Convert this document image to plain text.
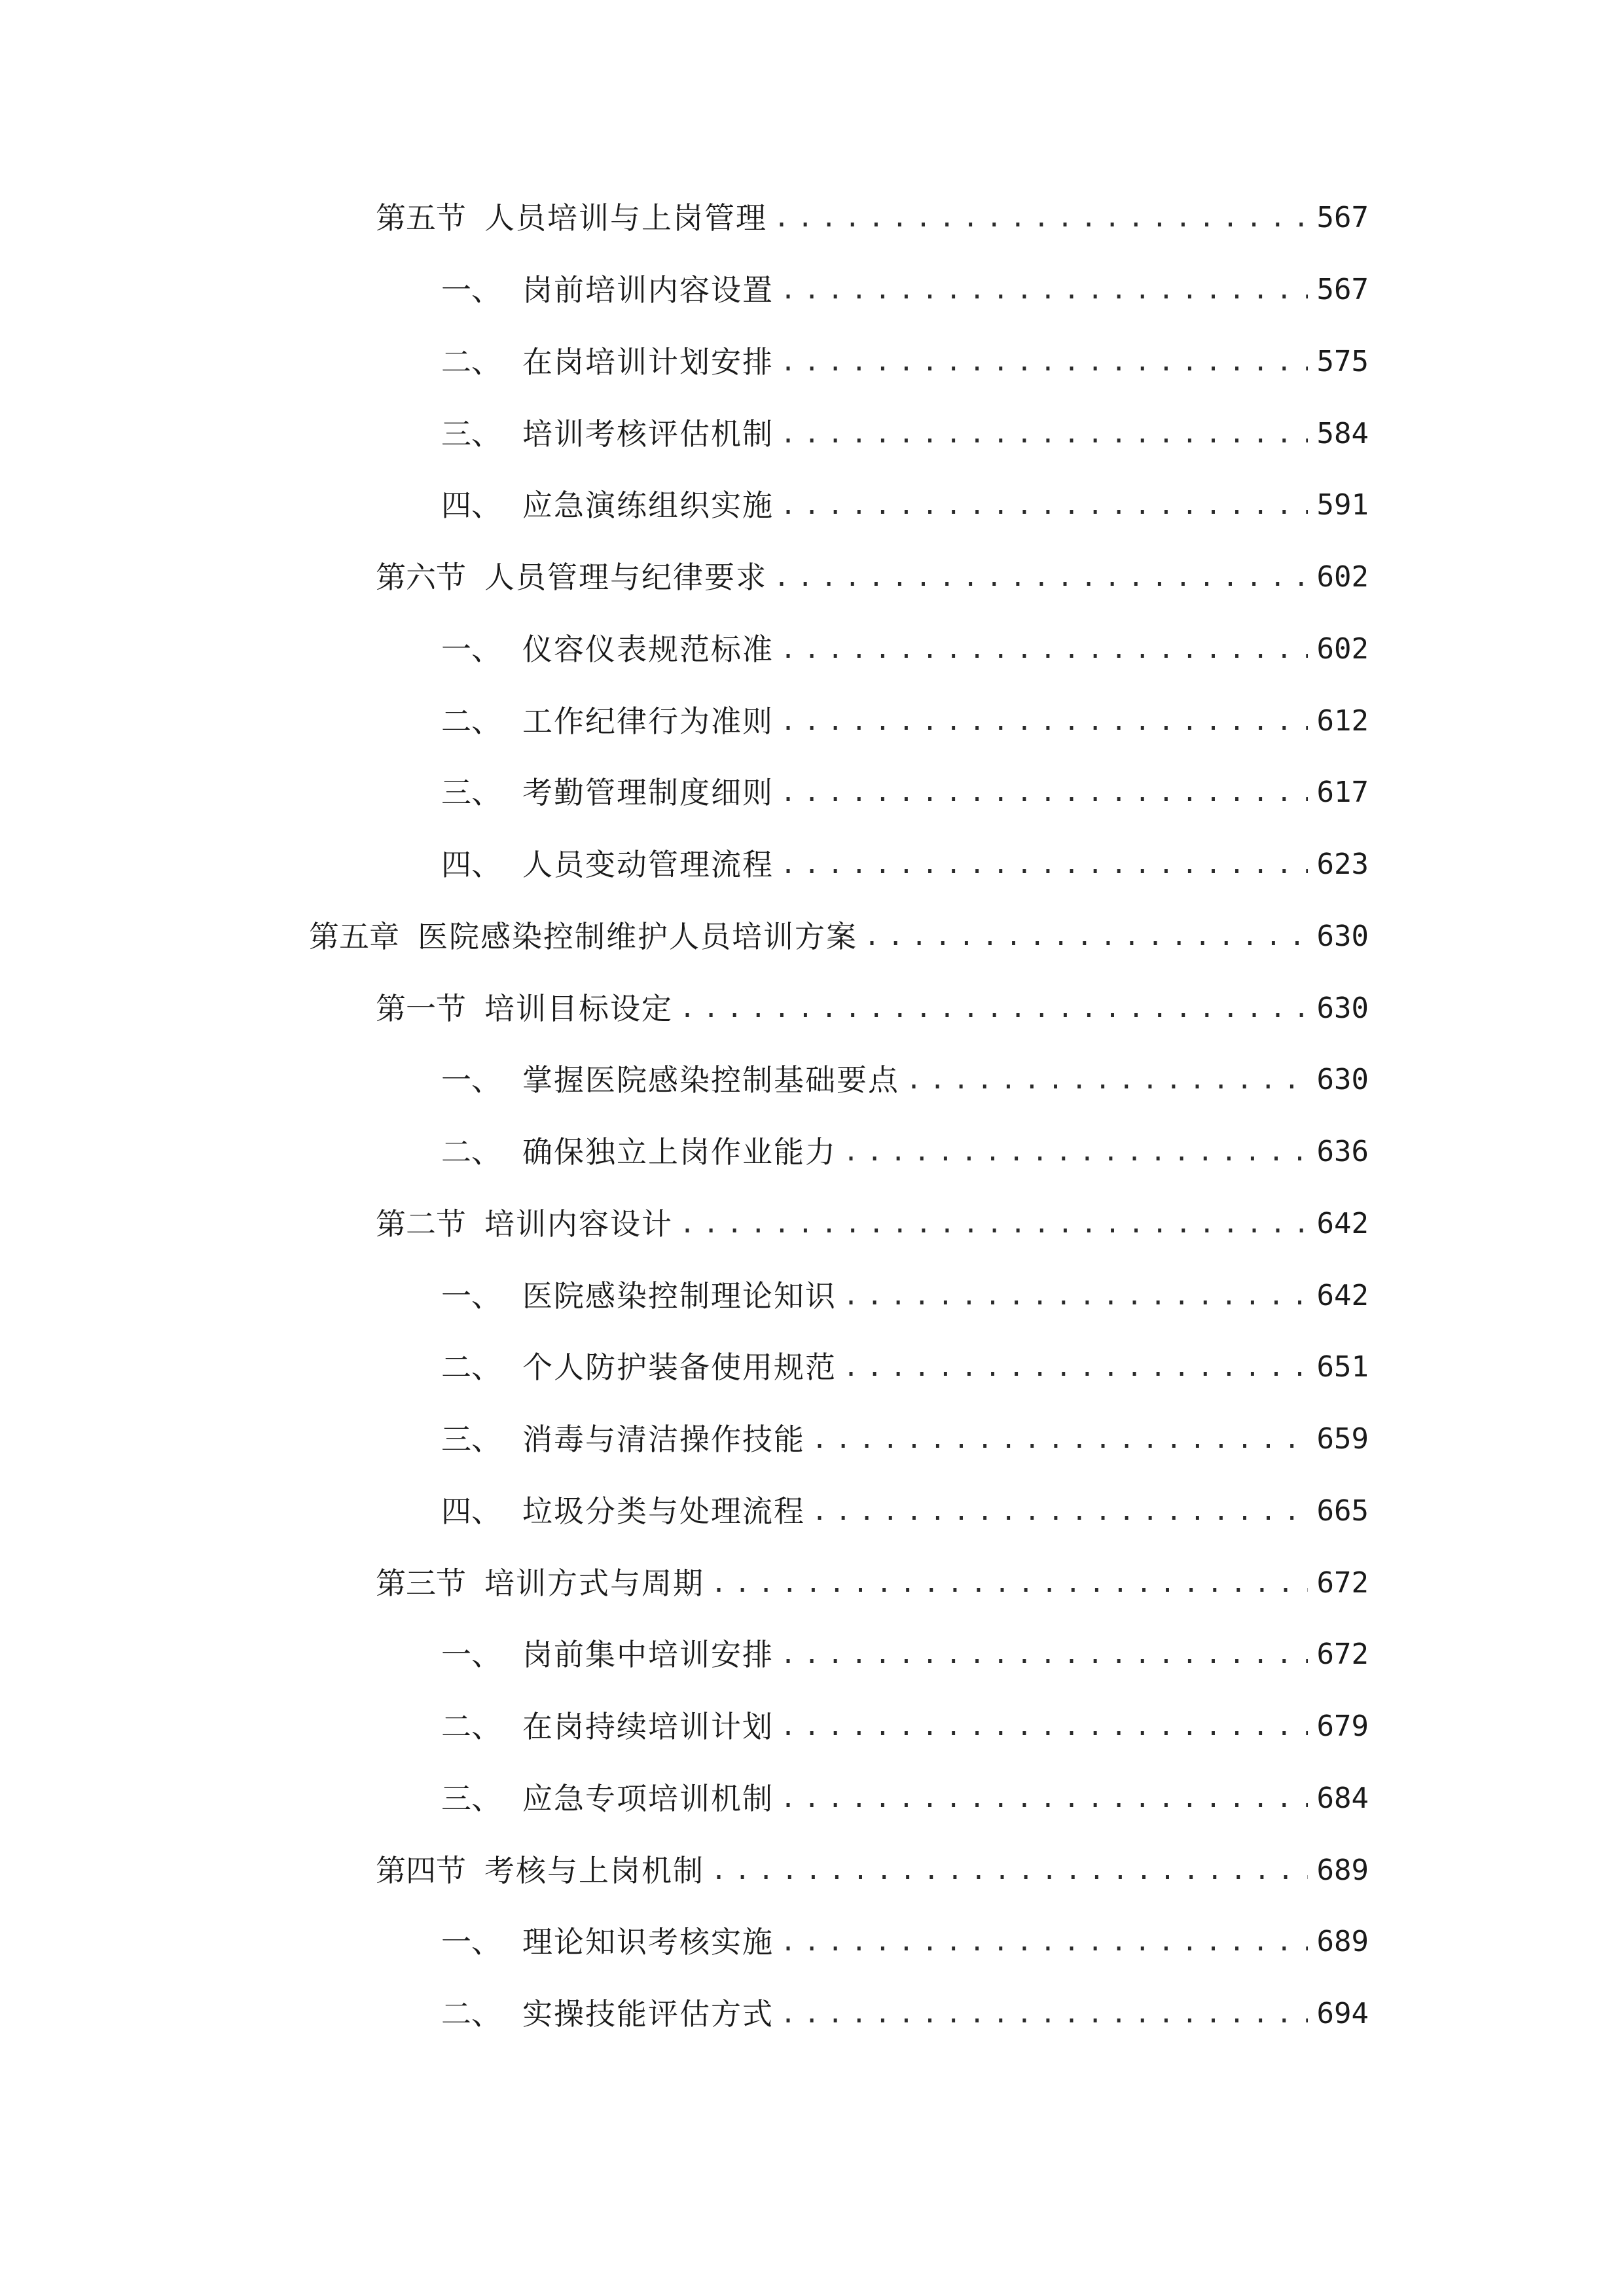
第五节 人员培训与上岗管理 .....	567
一、 岗前培训内容设置 .....	567
二、 在岗培训计划安排 .....	575
三、 培训考核评估机制 .....	584
四、 应急演练组织实施 .....	591
第六节 人员管理与纪律要求 .....	602
一、 仪容仪表规范标准 .....	602
二、 工作纪律行为准则 .....	612
三、 考勤管理制度细则 .....	617
四、 人员变动管理流程 .....	623
第五章 医院感染控制维护人员培训方案 .....	630
第一节 培训目标设定 .....	630
一、 掌握医院感染控制基础要点 .....	630
二、 确保独立上岗作业能力 .....	636
第二节 培训内容设计 .....	642
一、 医院感染控制理论知识 .....	642
二、 个人防护装备使用规范 .....	651
三、 消毒与清洁操作技能 .....	659
四、 垃圾分类与处理流程 .....	665
第三节 培训方式与周期 .....	672
一、 岗前集中培训安排 .....	672
二、 在岗持续培训计划 .....	679
三、 应急专项培训机制 .....	684
第四节 考核与上岗机制 .....	689
一、 理论知识考核实施 .....	689
二、 实操技能评估方式 .....	694
